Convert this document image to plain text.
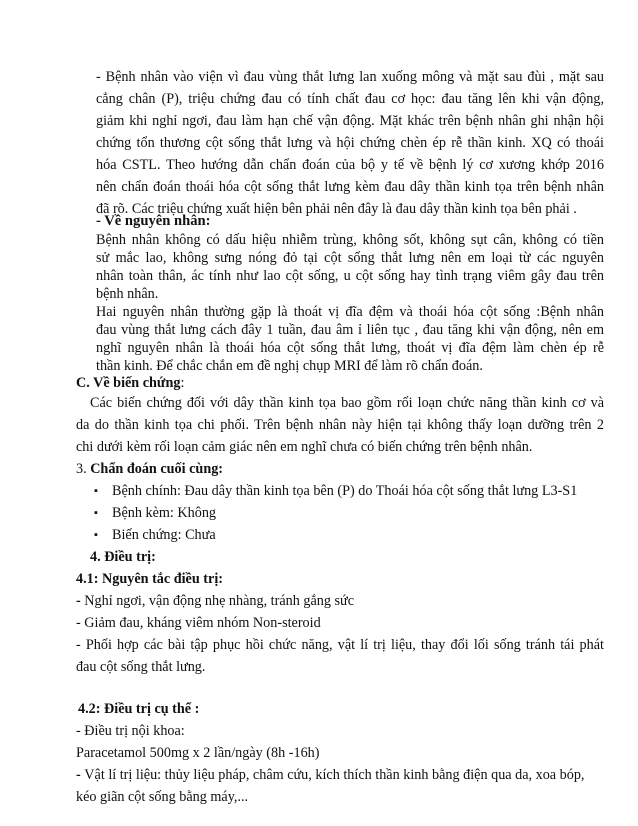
- Bệnh nhân vào viện vì đau vùng thắt lưng lan xuống mông và mặt sau đùi , mặt sau
cẳng chân (P), triệu chứng đau có tính chất đau cơ học: đau tăng lên khi vận động,
giảm khi nghỉ ngơi, đau làm hạn chế vận động. Mặt khác trên bệnh nhân ghi nhận hội
chứng tổn thương cột sống thắt lưng và hội chứng chèn ép rễ thần kinh. XQ có thoái
hóa CSTL. Theo hướng dẫn chẩn đoán của bộ y tế về bệnh lý cơ xương khớp 2016
nên chẩn đoán thoái hóa cột sống thắt lưng kèm đau dây thần kinh tọa trên bệnh nhân
đã rõ. Các triệu chứng xuất hiện bên phải nên đây là đau dây thần kinh tọa bên phải .
- Về nguyên nhân:
Bệnh nhân không có dấu hiệu nhiễm trùng, không sốt, không sụt cân, không có tiền
sử mắc lao, không sưng nóng đỏ tại cột sống thắt lưng nên em loại từ các nguyên
nhân toàn thân, ác tính như lao cột sống, u cột sống hay tình trạng viêm gây đau trên
bệnh nhân.
Hai nguyên nhân thường gặp là thoát vị đĩa đệm và thoái hóa cột sống :Bệnh nhân
đau vùng thắt lưng cách đây 1 tuần, đau âm ỉ liên tục , đau tăng khi vận động, nên em
nghĩ nguyên nhân là thoái hóa cột sống thắt lưng, thoát vị đĩa đệm làm chèn ép rễ
thần kinh. Để chắc chắn em đề nghị chụp MRI để làm rõ chẩn đoán.
C. Về biến chứng:
Các biến chứng đối với dây thần kinh tọa bao gồm rối loạn chức năng thần kinh cơ và
da do thần kinh tọa chi phối. Trên bệnh nhân này hiện tại không thấy loạn dưỡng trên 2
chi dưới kèm rối loạn cảm giác nên em nghĩ chưa có biến chứng trên bệnh nhân.
3. Chẩn đoán cuối cùng:
▪ Bệnh chính: Đau dây thần kinh tọa bên (P) do Thoái hóa cột sống thắt lưng L3-S1
▪ Bệnh kèm: Không
▪ Biến chứng: Chưa
4. Điều trị:
4.1: Nguyên tắc điều trị:
- Nghỉ ngơi, vận động nhẹ nhàng, tránh gắng sức
- Giảm đau, kháng viêm nhóm Non-steroid
- Phối hợp các bài tập phục hồi chức năng, vật lí trị liệu, thay đổi lối sống tránh tái phát
đau cột sống thắt lưng.
4.2: Điều trị cụ thể :
- Điều trị nội khoa:
Paracetamol 500mg x 2 lần/ngày (8h -16h)
- Vật lí trị liệu: thủy liệu pháp, châm cứu, kích thích thần kinh bằng điện qua da, xoa bóp,
kéo giãn cột sống bằng máy,...
